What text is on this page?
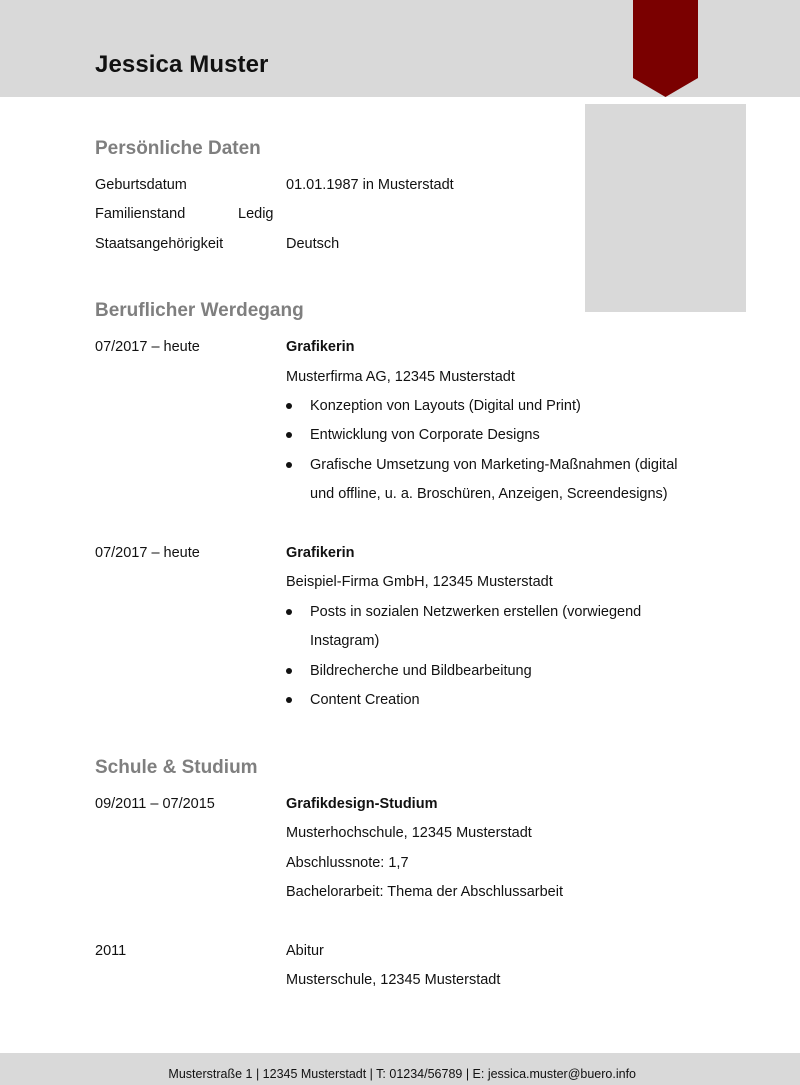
Jessica Muster
Persönliche Daten
Geburtsdatum	01.01.1987 in Musterstadt
Familienstand	Ledig
Staatsangehörigkeit	Deutsch
Beruflicher Werdegang
07/2017 – heute	Grafikerin
Musterfirma AG, 12345 Musterstadt
Konzeption von Layouts (Digital und Print)
Entwicklung von Corporate Designs
Grafische Umsetzung von Marketing-Maßnahmen (digital
und offline, u. a. Broschüren, Anzeigen, Screendesigns)
07/2017 – heute	Grafikerin
Beispiel-Firma GmbH, 12345 Musterstadt
Posts in sozialen Netzwerken erstellen (vorwiegend
Instagram)
Bildrecherche und Bildbearbeitung
Content Creation
Schule & Studium
09/2011 – 07/2015	Grafikdesign-Studium
Musterhochschule, 12345 Musterstadt
Abschlussnote: 1,7
Bachelorarbeit: Thema der Abschlussarbeit
2011	Abitur
Musterschule, 12345 Musterstadt
Musterstraße 1 | 12345 Musterstadt | T: 01234/56789 | E: jessica.muster@buero.info
